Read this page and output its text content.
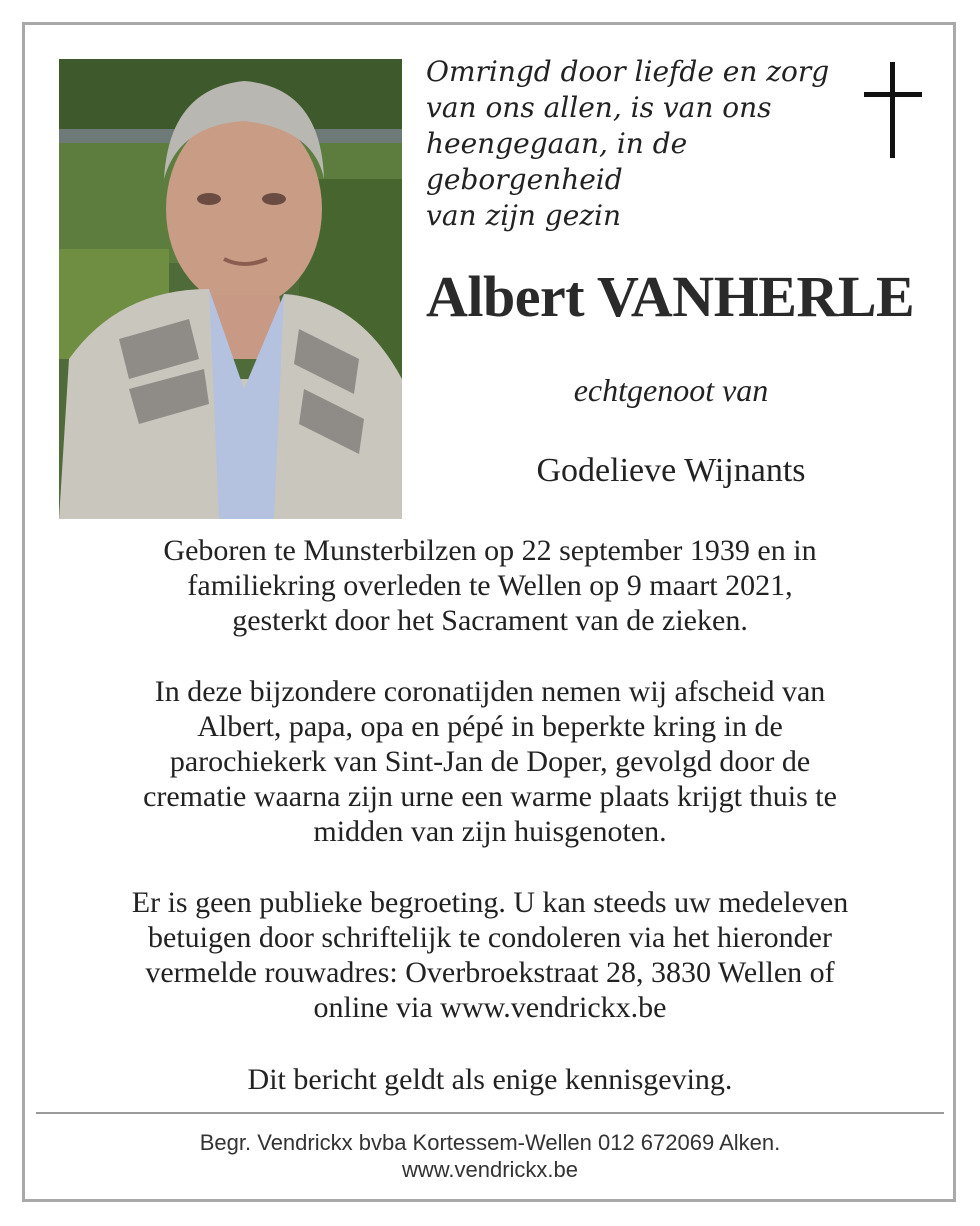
Omringd door liefde en zorg
van ons allen, is van ons
heengegaan, in de geborgenheid
van zijn gezin
Albert VANHERLE
echtgenoot van
Godelieve Wijnants
Geboren te Munsterbilzen op 22 september 1939 en in
familiekring overleden te Wellen op 9 maart 2021,
gesterkt door het Sacrament van de zieken.
In deze bijzondere coronatijden nemen wij afscheid van
Albert, papa, opa en pépé in beperkte kring in de
parochiekerk van Sint-Jan de Doper, gevolgd door de
crematie waarna zijn urne een warme plaats krijgt thuis te
midden van zijn huisgenoten.
Er is geen publieke begroeting. U kan steeds uw medeleven
betuigen door schriftelijk te condoleren via het hieronder
vermelde rouwadres: Overbroekstraat 28, 3830 Wellen of
online via www.vendrickx.be
Dit bericht geldt als enige kennisgeving.
Begr. Vendrickx bvba Kortessem-Wellen 012 672069 Alken.
www.vendrickx.be
